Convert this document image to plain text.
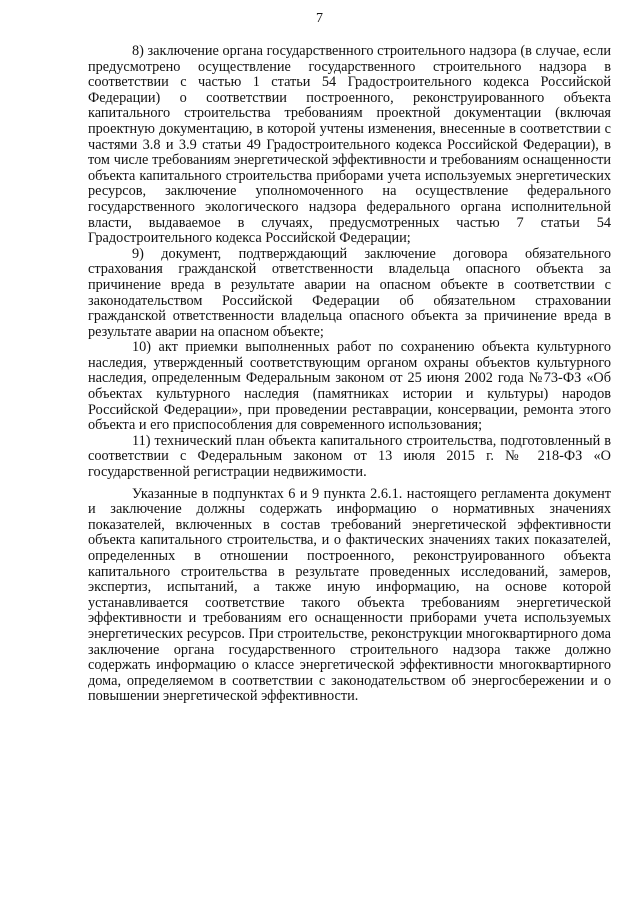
7

8) заключение органа государственного строительного надзора (в случае, если предусмотрено осуществление государственного строительного надзора в соответствии с частью 1 статьи 54 Градостроительного кодекса Российской Федерации) о соответствии построенного, реконструированного объекта капитального строительства требованиям проектной документации (включая проектную документацию, в которой учтены изменения, внесенные в соответствии с частями 3.8 и 3.9 статьи 49 Градостроительного кодекса Российской Федерации), в том числе требованиям энергетической эффективности и требованиям оснащенности объекта капитального строительства приборами учета используемых энергетических ресурсов, заключение уполномоченного на осуществление федерального государственного экологического надзора федерального органа исполнительной власти, выдаваемое в случаях, предусмотренных частью 7 статьи 54 Градостроительного кодекса Российской Федерации;

9) документ, подтверждающий заключение договора обязательного страхования гражданской ответственности владельца опасного объекта за причинение вреда в результате аварии на опасном объекте в соответствии с законодательством Российской Федерации об обязательном страховании гражданской ответственности владельца опасного объекта за причинение вреда в результате аварии на опасном объекте;

10) акт приемки выполненных работ по сохранению объекта культурного наследия, утвержденный соответствующим органом охраны объектов культурного наследия, определенным Федеральным законом от 25 июня 2002 года №73-ФЗ «Об объектах культурного наследия (памятниках истории и культуры) народов Российской Федерации», при проведении реставрации, консервации, ремонта этого объекта и его приспособления для современного использования;

11) технический план объекта капитального строительства, подготовленный в соответствии с Федеральным законом от 13 июля 2015 г. № 218-ФЗ «О государственной регистрации недвижимости.

Указанные в подпунктах 6 и 9 пункта 2.6.1. настоящего регламента документ и заключение должны содержать информацию о нормативных значениях показателей, включенных в состав требований энергетической эффективности объекта капитального строительства, и о фактических значениях таких показателей, определенных в отношении построенного, реконструированного объекта капитального строительства в результате проведенных исследований, замеров, экспертиз, испытаний, а также иную информацию, на основе которой устанавливается соответствие такого объекта требованиям энергетической эффективности и требованиям его оснащенности приборами учета используемых энергетических ресурсов. При строительстве, реконструкции многоквартирного дома заключение органа государственного строительного надзора также должно содержать информацию о классе энергетической эффективности многоквартирного дома, определяемом в соответствии с законодательством об энергосбережении и о повышении энергетической эффективности.
